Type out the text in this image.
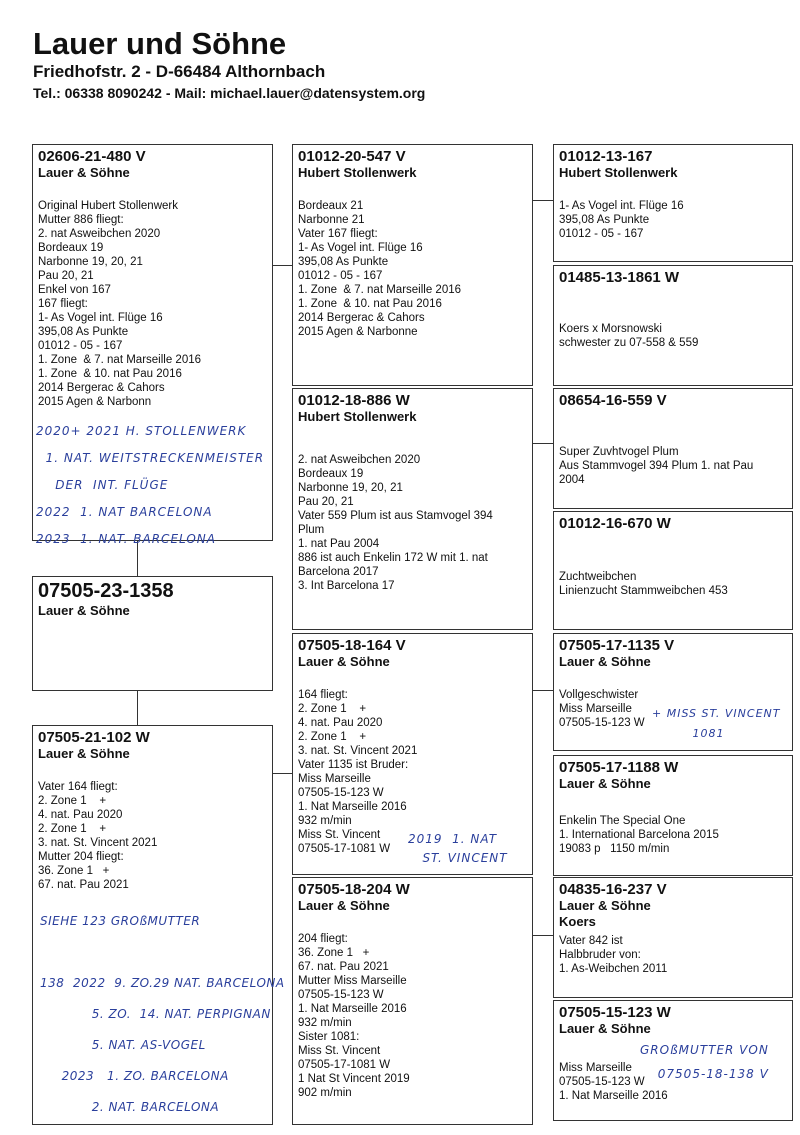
Lauer und Söhne
Friedhofstr. 2 - D-66484 Althornbach
Tel.: 06338 8090242 - Mail: michael.lauer@datensystem.org
02606-21-480 V
Lauer & Söhne
Original Hubert Stollenwerk
Mutter 886 fliegt:
2. nat Asweibchen 2020
Bordeaux 19
Narbonne 19, 20, 21
Pau 20, 21
Enkel von 167
167 fliegt:
1- As Vogel int. Flüge 16
395,08 As Punkte
01012 - 05 - 167
1. Zone  & 7. nat Marseille 2016
1. Zone  & 10. nat Pau 2016
2014 Bergerac & Cahors
2015 Agen & Narbonn
2020+ 2021 H. STOLLENWERK
1. NAT. WEITSTRECKENMEISTER
DER  INT. FLÜGE
2022  1. NAT BARCELONA
2023  1. NAT. BARCELONA
07505-23-1358
Lauer & Söhne
07505-21-102 W
Lauer & Söhne
Vater 164 fliegt:
2. Zone 1    +
4. nat. Pau 2020
2. Zone 1    +
3. nat. St. Vincent 2021
Mutter 204 fliegt:
36. Zone 1   +
67. nat. Pau 2021
SIEHE 123 GROßMUTTER

138  2022  9. ZO.29 NAT. BARCELONA
5. ZO.  14. NAT. PERPIGNAN
5. NAT. AS-VOGEL
2023   1. ZO. BARCELONA
2. NAT. BARCELONA
01012-20-547 V
Hubert Stollenwerk
Bordeaux 21
Narbonne 21
Vater 167 fliegt:
1- As Vogel int. Flüge 16
395,08 As Punkte
01012 - 05 - 167
1. Zone  & 7. nat Marseille 2016
1. Zone  & 10. nat Pau 2016
2014 Bergerac & Cahors
2015 Agen & Narbonne
01012-18-886 W
Hubert Stollenwerk
2. nat Asweibchen 2020
Bordeaux 19
Narbonne 19, 20, 21
Pau 20, 21
Vater 559 Plum ist aus Stamvogel 394
Plum
1. nat Pau 2004
886 ist auch Enkelin 172 W mit 1. nat
Barcelona 2017
3. Int Barcelona 17
07505-18-164 V
Lauer & Söhne
164 fliegt:
2. Zone 1    +
4. nat. Pau 2020
2. Zone 1    +
3. nat. St. Vincent 2021
Vater 1135 ist Bruder:
Miss Marseille
07505-15-123 W
1. Nat Marseille 2016
932 m/min
Miss St. Vincent
07505-17-1081 W
2019  1. NAT
ST. VINCENT
07505-18-204 W
Lauer & Söhne
204 fliegt:
36. Zone 1   +
67. nat. Pau 2021
Mutter Miss Marseille
07505-15-123 W
1. Nat Marseille 2016
932 m/min
Sister 1081:
Miss St. Vincent
07505-17-1081 W
1 Nat St Vincent 2019
902 m/min
01012-13-167
Hubert Stollenwerk
1- As Vogel int. Flüge 16
395,08 As Punkte
01012 - 05 - 167
01485-13-1861 W
Koers x Morsnowski
schwester zu 07-558 & 559
08654-16-559 V
Super Zuvhtvogel Plum
Aus Stammvogel 394 Plum 1. nat Pau
2004
01012-16-670 W
Zuchtweibchen
Linienzucht Stammweibchen 453
07505-17-1135 V
Lauer & Söhne
Vollgeschwister
Miss Marseille
07505-15-123 W
+ MISS ST. VINCENT
1081
07505-17-1188 W
Lauer & Söhne
Enkelin The Special One
1. International Barcelona 2015
19083 p   1150 m/min
04835-16-237 V
Lauer & Söhne
Koers
Vater 842 ist
Halbbruder von:
1. As-Weibchen 2011
07505-15-123 W
Lauer & Söhne
Miss Marseille
07505-15-123 W
1. Nat Marseille 2016
GROßMUTTER VON
07505-18-138 V
